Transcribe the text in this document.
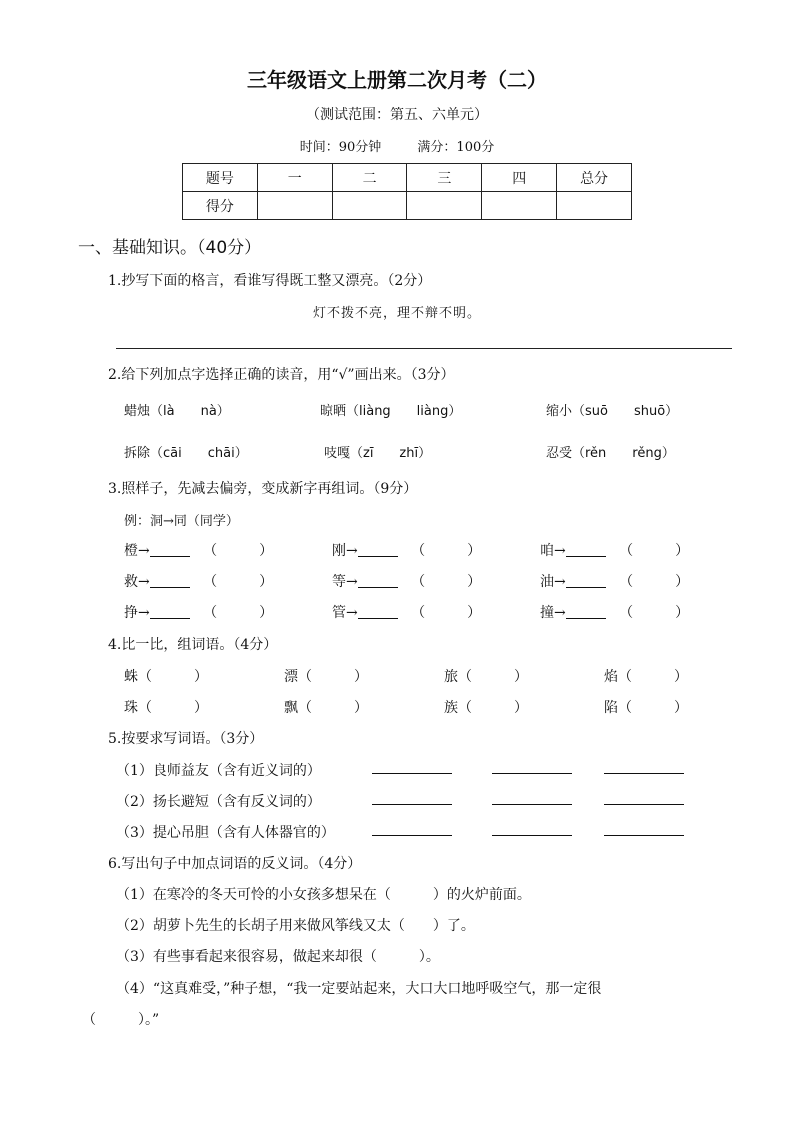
三年级语文上册第二次月考（二）
（测试范围：第五、六单元）
时间：90分钟	满分：100分
题号	一	二	三	四	总分
得分					
一、基础知识。（40分）
1.抄写下面的格言，看谁写得既工整又漂亮。（2分）
灯不拨不亮，理不辩不明。
2.给下列加点字选择正确的读音，用“√”画出来。（3分）
蜡烛（là　　nà）	晾晒（liàng　　liàng）	缩小（suō　　shuō）
拆除（cāi　　chāi）	吱嘎（zī　　zhī）	忍受（rěn　　rěng）
3.照样子，先减去偏旁，变成新字再组词。（9分）
例：洞→同（同学）
橙→	（　　　）	刚→	（　　　）	咱→	（　　　）
救→	（　　　）	等→	（　　　）	油→	（　　　）
挣→	（　　　）	管→	（　　　）	撞→	（　　　）
4.比一比，组词语。（4分）
蛛（　　　）	漂（　　　）	旅（　　　）	焰（　　　）
珠（　　　）	飘（　　　）	族（　　　）	陷（　　　）
5.按要求写词语。（3分）
（1）良师益友（含有近义词的）
（2）扬长避短（含有反义词的）
（3）提心吊胆（含有人体器官的）
6.写出句子中加点词语的反义词。（4分）
（1）在寒冷的冬天可怜的小女孩多想呆在（　　　）的火炉前面。
（2）胡萝卜先生的长胡子用来做风筝线又太（　　）了。
（3）有些事看起来很容易，做起来却很（　　　）。
（4）“这真难受，”种子想，“我一定要站起来，大口大口地呼吸空气，那一定很
（　　　）。”
